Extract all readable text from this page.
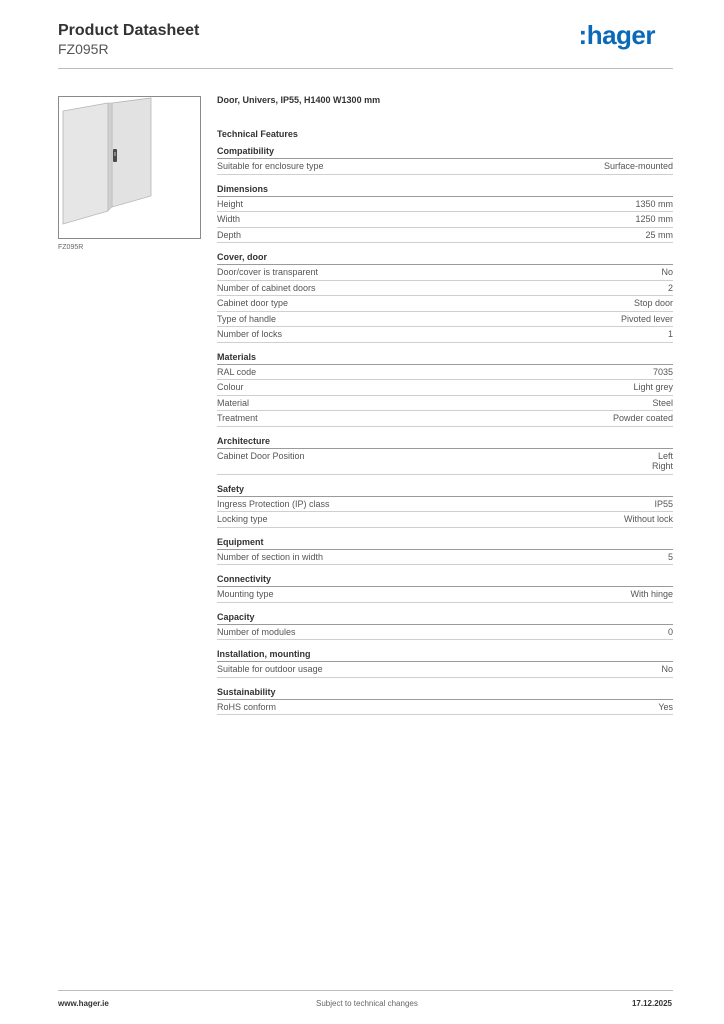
Product Datasheet
FZ095R	:hager
FZ095R
Door, Univers, IP55, H1400 W1300 mm
Technical Features
Compatibility
Suitable for enclosure type	Surface-mounted
Dimensions
Height	1350 mm
Width	1250 mm
Depth	25 mm
Cover, door
Door/cover is transparent	No
Number of cabinet doors	2
Cabinet door type	Stop door
Type of handle	Pivoted lever
Number of locks	1
Materials
RAL code	7035
Colour	Light grey
Material	Steel
Treatment	Powder coated
Architecture
Cabinet Door Position	Left
Right
Safety
Ingress Protection (IP) class	IP55
Locking type	Without lock
Equipment
Number of section in width	5
Connectivity
Mounting type	With hinge
Capacity
Number of modules	0
Installation, mounting
Suitable for outdoor usage	No
Sustainability
RoHS conform	Yes
www.hager.ie	Subject to technical changes	17.12.2025
